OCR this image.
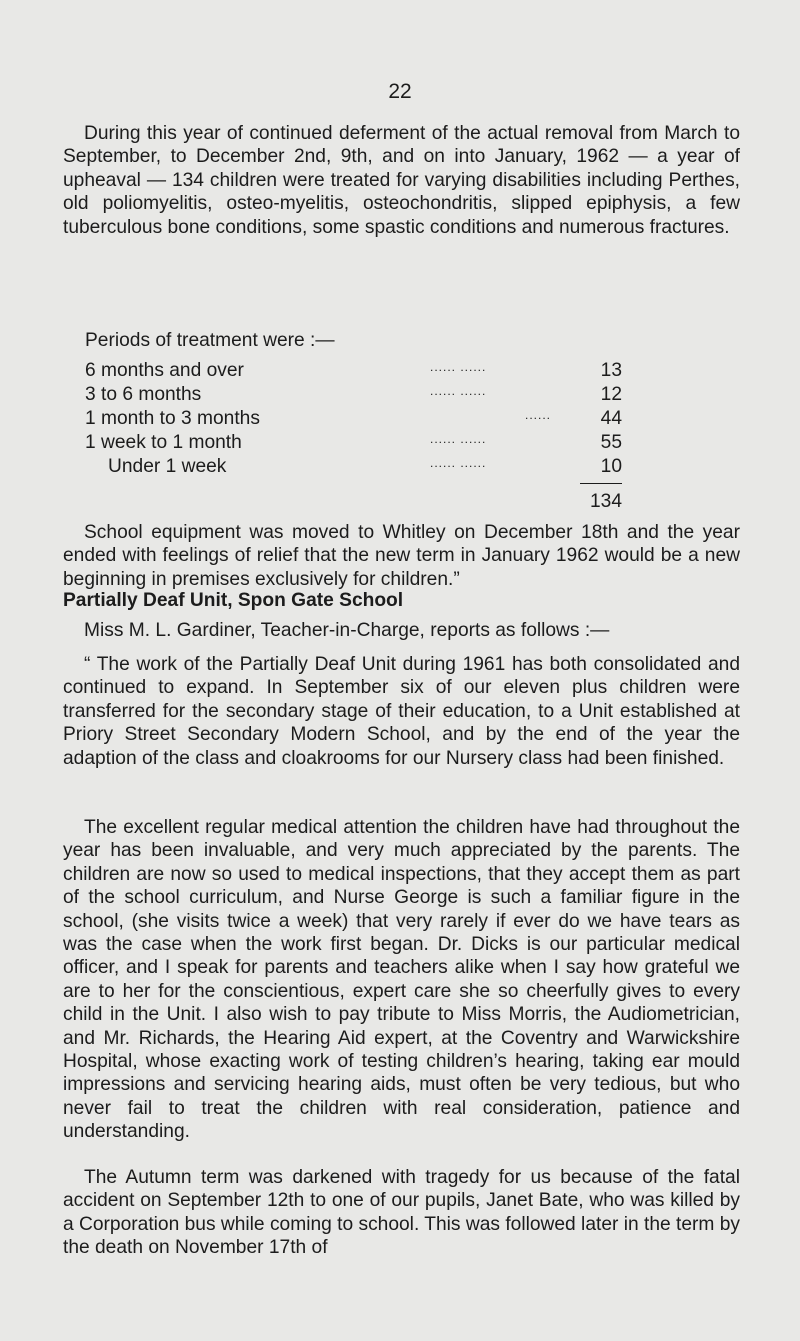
22

During this year of continued deferment of the actual removal from March to September, to December 2nd, 9th, and on into January, 1962 — a year of upheaval — 134 children were treated for varying disabilities including Perthes, old poliomyelitis, osteo-myelitis, osteochondritis, slipped epiphysis, a few tuberculous bone conditions, some spastic conditions and numerous fractures.

Periods of treatment were :—
6 months and over	...... ......	13
3 to 6 months	...... ......	12
1 month to 3 months	......	44
1 week to 1 month	...... ......	55
Under 1 week	...... ......	10
134

School equipment was moved to Whitley on December 18th and the year ended with feelings of relief that the new term in January 1962 would be a new beginning in premises exclusively for children.”

Partially Deaf Unit, Spon Gate School

Miss M. L. Gardiner, Teacher-in-Charge, reports as follows :—

“ The work of the Partially Deaf Unit during 1961 has both consolidated and continued to expand. In September six of our eleven plus children were transferred for the secondary stage of their education, to a Unit established at Priory Street Secondary Modern School, and by the end of the year the adaption of the class and cloakrooms for our Nursery class had been finished.

The excellent regular medical attention the children have had throughout the year has been invaluable, and very much appreciated by the parents. The children are now so used to medical inspections, that they accept them as part of the school curriculum, and Nurse George is such a familiar figure in the school, (she visits twice a week) that very rarely if ever do we have tears as was the case when the work first began. Dr. Dicks is our particular medical officer, and I speak for parents and teachers alike when I say how grateful we are to her for the conscientious, expert care she so cheerfully gives to every child in the Unit. I also wish to pay tribute to Miss Morris, the Audiometrician, and Mr. Richards, the Hearing Aid expert, at the Coventry and Warwickshire Hospital, whose exacting work of testing children’s hearing, taking ear mould impressions and servicing hearing aids, must often be very tedious, but who never fail to treat the children with real consideration, patience and understanding.

The Autumn term was darkened with tragedy for us because of the fatal accident on September 12th to one of our pupils, Janet Bate, who was killed by a Corporation bus while coming to school. This was followed later in the term by the death on November 17th of
